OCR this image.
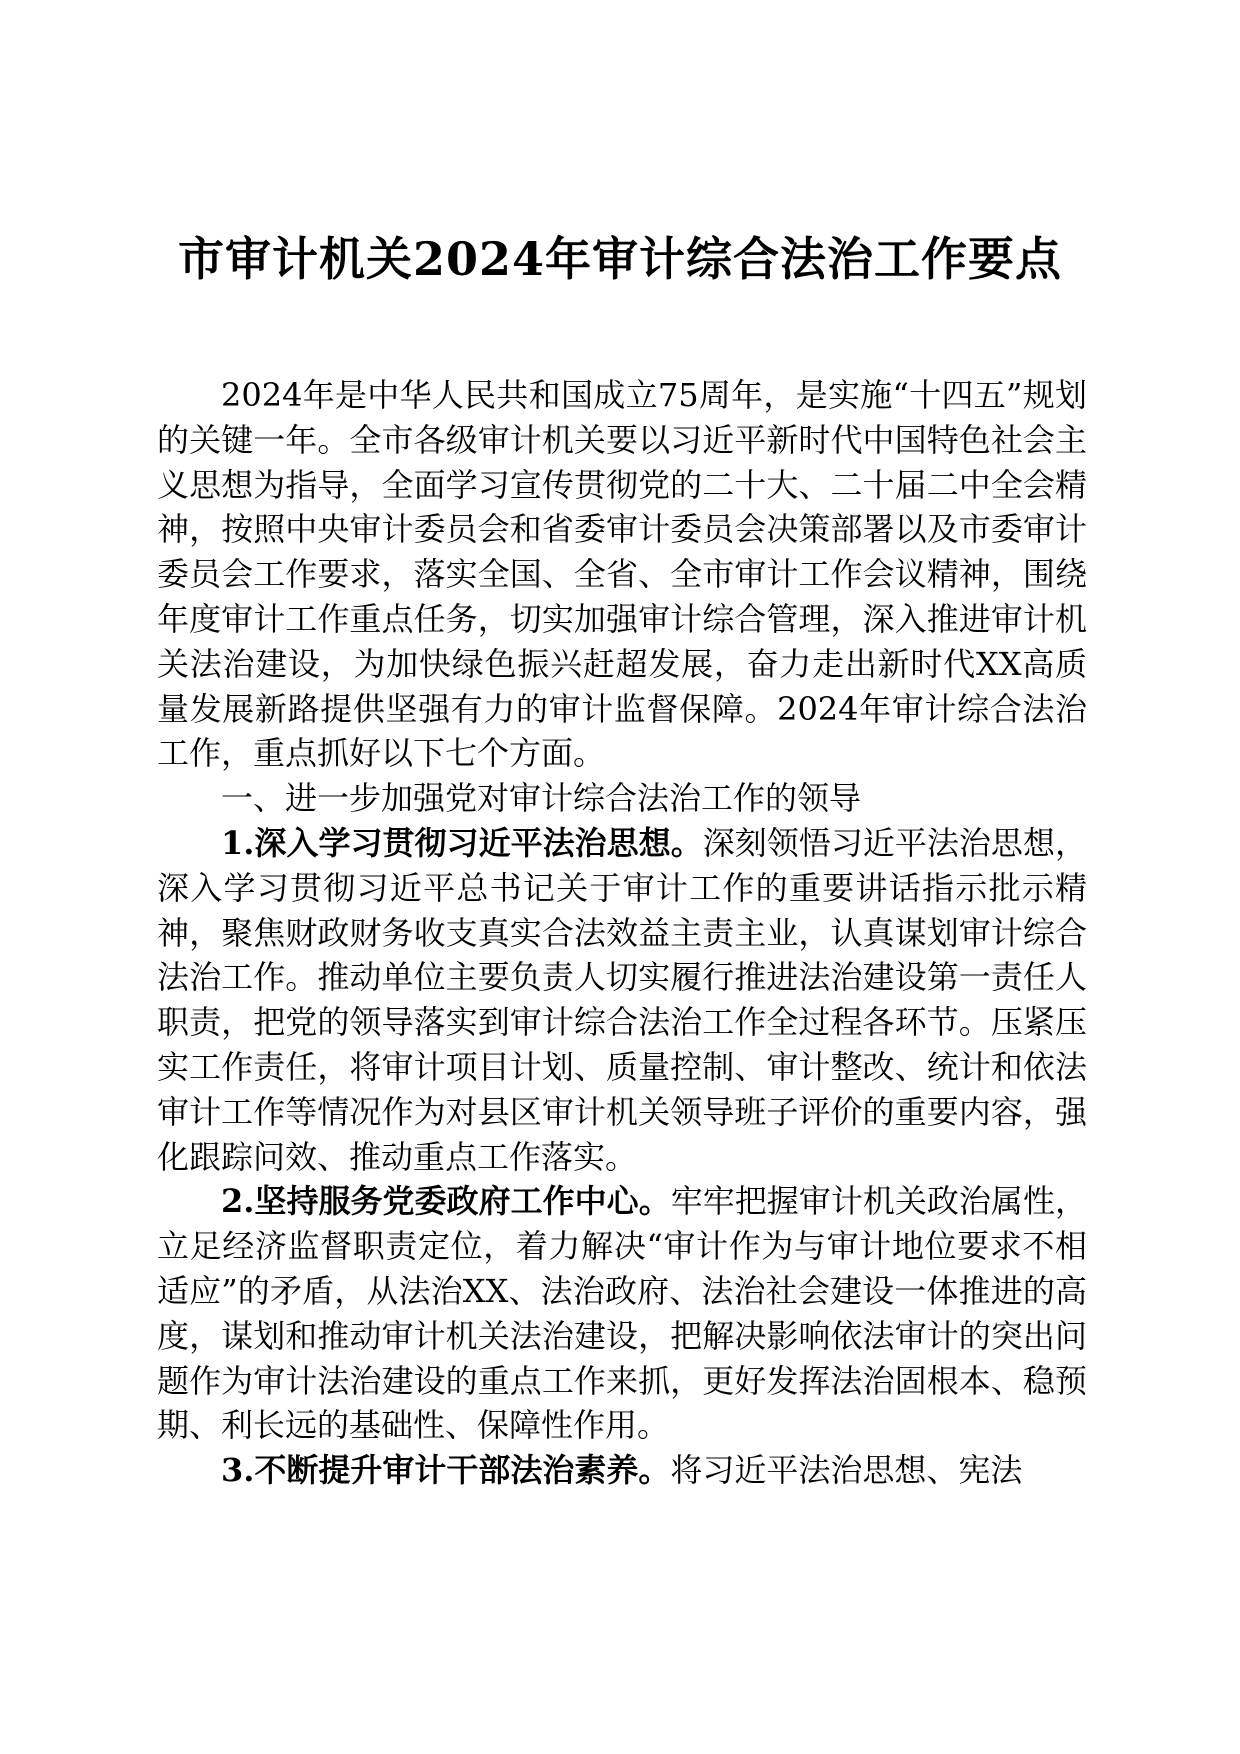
市审计机关2024年审计综合法治工作要点

2024年是中华人民共和国成立75周年，是实施“十四五”规划的关键一年。全市各级审计机关要以习近平新时代中国特色社会主义思想为指导，全面学习宣传贯彻党的二十大、二十届二中全会精神，按照中央审计委员会和省委审计委员会决策部署以及市委审计委员会工作要求，落实全国、全省、全市审计工作会议精神，围绕年度审计工作重点任务，切实加强审计综合管理，深入推进审计机关法治建设，为加快绿色振兴赶超发展，奋力走出新时代XX高质量发展新路提供坚强有力的审计监督保障。2024年审计综合法治工作，重点抓好以下七个方面。

一、进一步加强党对审计综合法治工作的领导

1.深入学习贯彻习近平法治思想。深刻领悟习近平法治思想，深入学习贯彻习近平总书记关于审计工作的重要讲话指示批示精神，聚焦财政财务收支真实合法效益主责主业，认真谋划审计综合法治工作。推动单位主要负责人切实履行推进法治建设第一责任人职责，把党的领导落实到审计综合法治工作全过程各环节。压紧压实工作责任，将审计项目计划、质量控制、审计整改、统计和依法审计工作等情况作为对县区审计机关领导班子评价的重要内容，强化跟踪问效、推动重点工作落实。

2.坚持服务党委政府工作中心。牢牢把握审计机关政治属性，立足经济监督职责定位，着力解决“审计作为与审计地位要求不相适应”的矛盾，从法治XX、法治政府、法治社会建设一体推进的高度，谋划和推动审计机关法治建设，把解决影响依法审计的突出问题作为审计法治建设的重点工作来抓，更好发挥法治固根本、稳预期、利长远的基础性、保障性作用。

3.不断提升审计干部法治素养。将习近平法治思想、宪法
